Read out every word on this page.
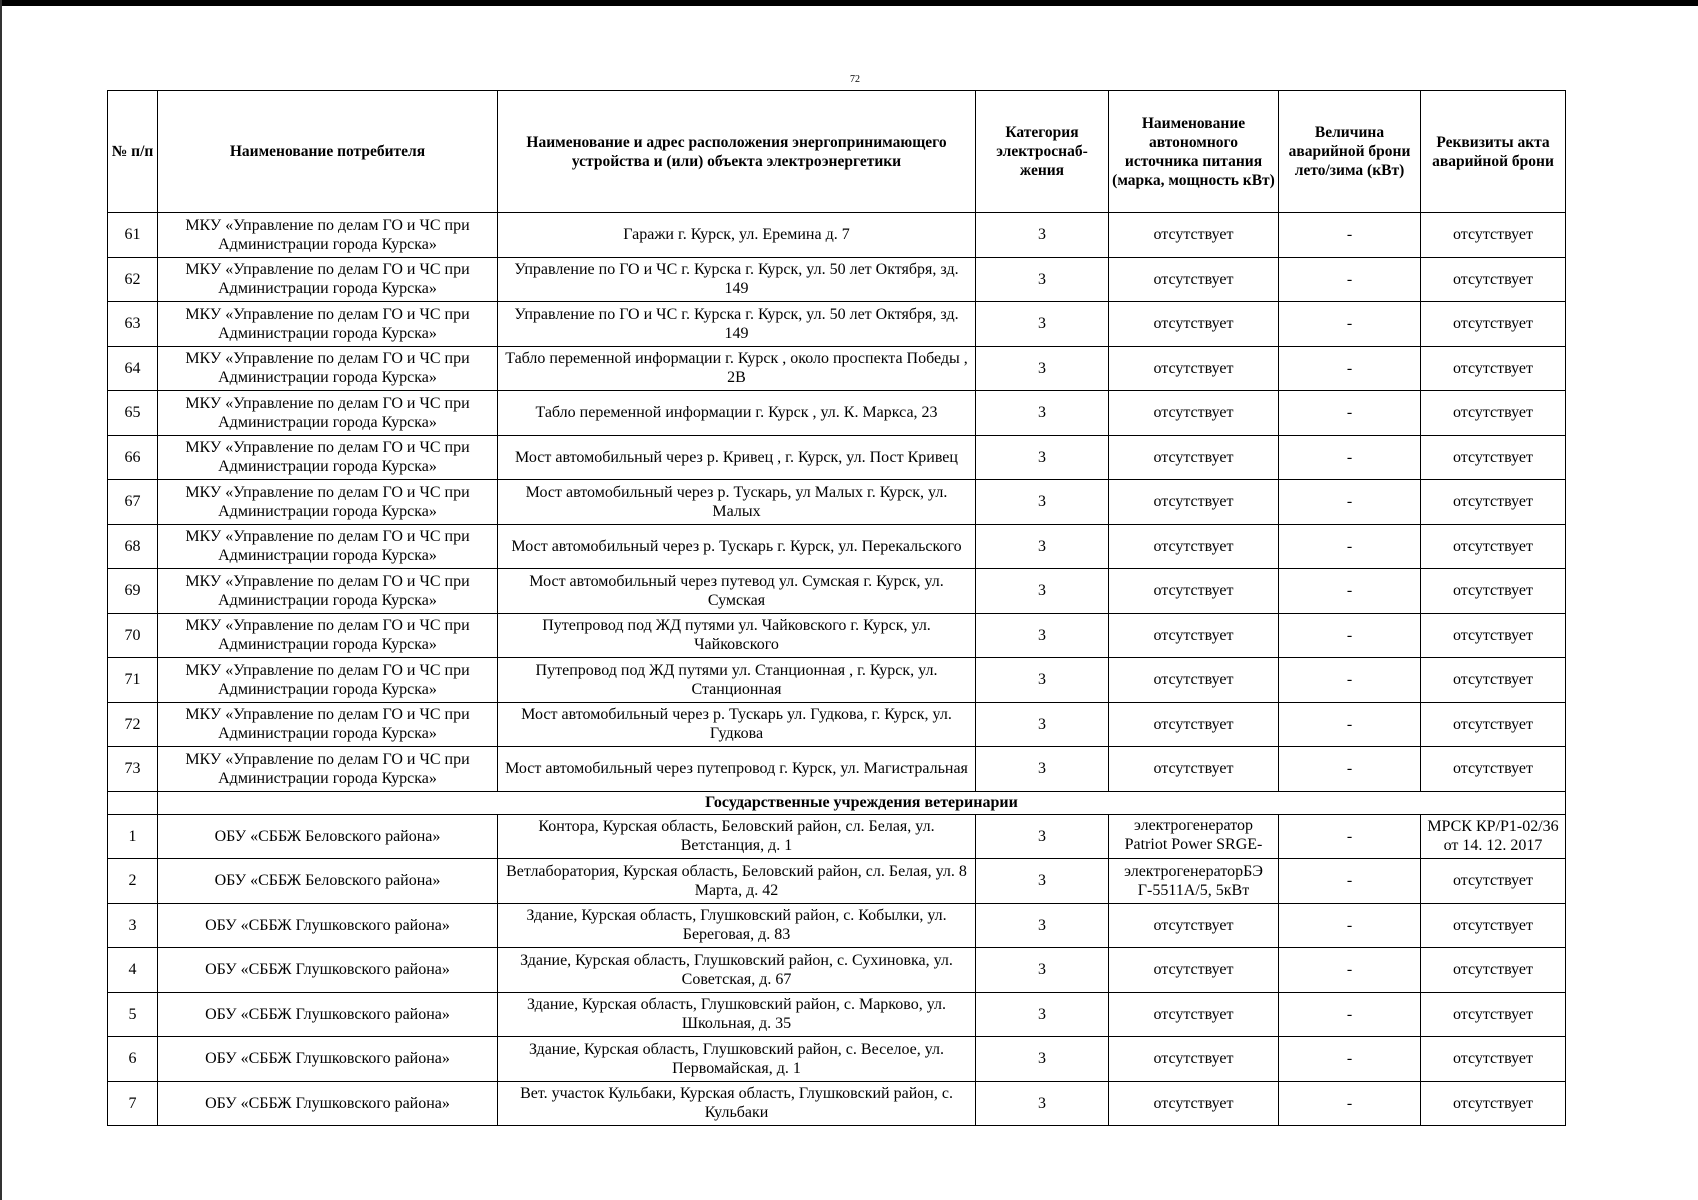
72
№ п/п	Наименование потребителя	Наименование и адрес расположения энергопринимающего устройства и (или) объекта электроэнергетики	Категория электроснаб-жения	Наименование автономного источника питания (марка, мощность кВт)	Величина аварийной брони лето/зима (кВт)	Реквизиты акта аварийной брони
61	МКУ «Управление по делам ГО и ЧС при Администрации города Курска»	Гаражи г. Курск, ул. Еремина д. 7	3	отсутствует	-	отсутствует
62	МКУ «Управление по делам ГО и ЧС при Администрации города Курска»	Управление по ГО и ЧС г. Курска г. Курск, ул. 50 лет Октября, зд. 149	3	отсутствует	-	отсутствует
63	МКУ «Управление по делам ГО и ЧС при Администрации города Курска»	Управление по ГО и ЧС г. Курска г. Курск, ул. 50 лет Октября, зд. 149	3	отсутствует	-	отсутствует
64	МКУ «Управление по делам ГО и ЧС при Администрации города Курска»	Табло переменной информации г. Курск , около проспекта Победы , 2В	3	отсутствует	-	отсутствует
65	МКУ «Управление по делам ГО и ЧС при Администрации города Курска»	Табло переменной информации г. Курск , ул. К. Маркса, 23	3	отсутствует	-	отсутствует
66	МКУ «Управление по делам ГО и ЧС при Администрации города Курска»	Мост автомобильный через р. Кривец , г. Курск, ул. Пост Кривец	3	отсутствует	-	отсутствует
67	МКУ «Управление по делам ГО и ЧС при Администрации города Курска»	Мост автомобильный через р. Тускарь, ул Малых г. Курск, ул. Малых	3	отсутствует	-	отсутствует
68	МКУ «Управление по делам ГО и ЧС при Администрации города Курска»	Мост автомобильный через р. Тускарь г. Курск, ул. Перекальского	3	отсутствует	-	отсутствует
69	МКУ «Управление по делам ГО и ЧС при Администрации города Курска»	Мост автомобильный через путевод ул. Сумская г. Курск, ул. Сумская	3	отсутствует	-	отсутствует
70	МКУ «Управление по делам ГО и ЧС при Администрации города Курска»	Путепровод под ЖД путями ул. Чайковского г. Курск, ул. Чайковского	3	отсутствует	-	отсутствует
71	МКУ «Управление по делам ГО и ЧС при Администрации города Курска»	Путепровод под ЖД путями ул. Станционная , г. Курск, ул. Станционная	3	отсутствует	-	отсутствует
72	МКУ «Управление по делам ГО и ЧС при Администрации города Курска»	Мост автомобильный через р. Тускарь ул. Гудкова, г. Курск, ул. Гудкова	3	отсутствует	-	отсутствует
73	МКУ «Управление по делам ГО и ЧС при Администрации города Курска»	Мост автомобильный через путепровод г. Курск, ул. Магистральная	3	отсутствует	-	отсутствует
	Государственные учреждения ветеринарии					
1	ОБУ «СББЖ Беловского района»	Контора, Курская область, Беловский район, сл. Белая, ул. Ветстанция, д. 1	3	электрогенератор Patriot Power SRGE-	-	МРСК КР/Р1-02/36 от 14. 12. 2017

2	ОБУ «СББЖ Беловского района»	Ветлаборатория, Курская область, Беловский район, сл. Белая, ул. 8 Марта, д. 42	3	электрогенераторБЭ Г-5511А/5, 5кВт	-	отсутствует
3	ОБУ «СББЖ Глушковского района»	Здание, Курская область, Глушковский район, с. Кобылки, ул. Береговая, д. 83	3	отсутствует	-	отсутствует
4	ОБУ «СББЖ Глушковского района»	Здание, Курская область, Глушковский район, с. Сухиновка, ул. Советская, д. 67	3	отсутствует	-	отсутствует
5	ОБУ «СББЖ Глушковского района»	Здание, Курская область, Глушковский район, с. Марково, ул. Школьная, д. 35	3	отсутствует	-	отсутствует
6	ОБУ «СББЖ Глушковского района»	Здание, Курская область, Глушковский район, с. Веселое, ул. Первомайская, д. 1	3	отсутствует	-	отсутствует
7	ОБУ «СББЖ Глушковского района»	Вет. участок Кульбаки, Курская область, Глушковский район, с. Кульбаки	3	отсутствует	-	отсутствует
